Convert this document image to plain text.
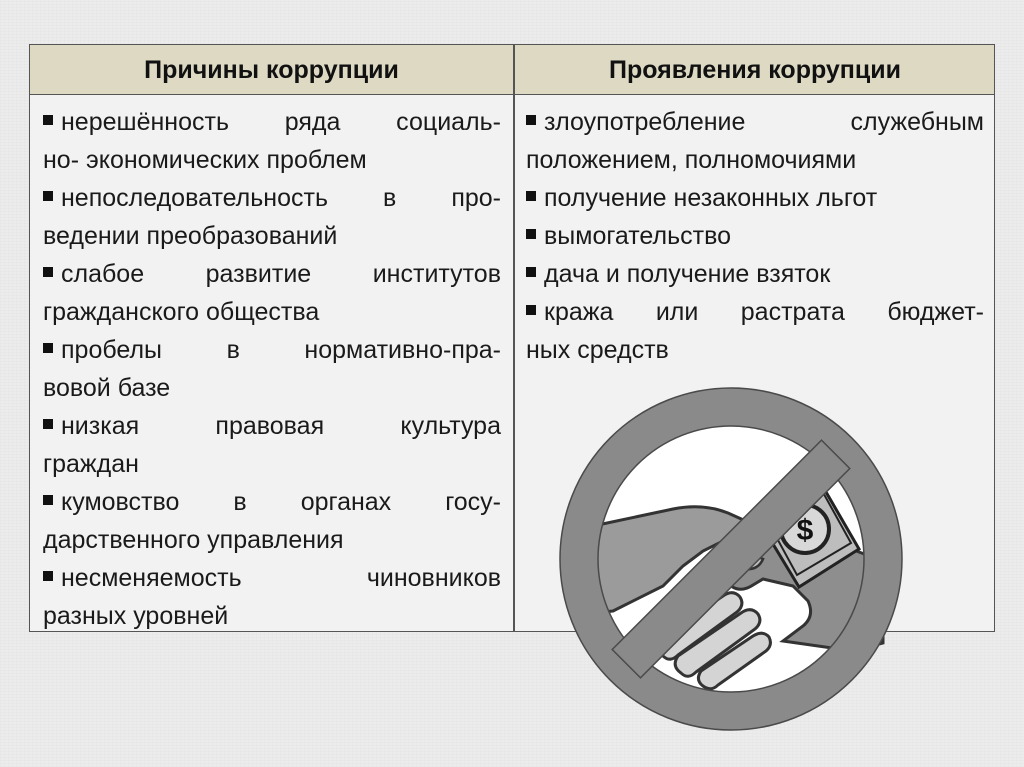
Причины коррупции	Проявления коррупции
нерешённость ряда социаль-
но- экономических проблем
непоследовательность в про-
ведении преобразований
слабое развитие институтов
гражданского общества
пробелы в нормативно-пра-
вовой базе
низкая правовая культура
граждан
кумовство в органах госу-
дарственного управления
несменяемость чиновников
разных уровней
злоупотребление служебным
положением, полномочиями
получение незаконных льгот
вымогательство
дача и получение взяток
кража или растрата бюджет-
ных средств
$
